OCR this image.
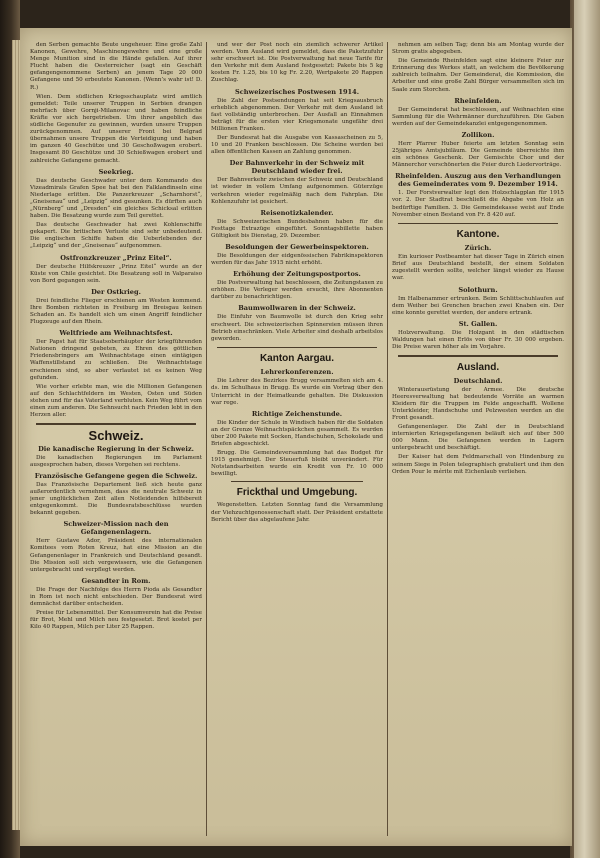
den Serben gemachte Beute ungeheuer. Eine große Zahl Kanonen, Gewehre, Maschinengewehre und eine große Menge Munition sind in die Hände gefallen. Auf ihrer Flucht haben die Oesterreicher (sagt ein Geschäft gefangengenommene Serben) an jenem Tage 20 000 Gefangene und 50 erbeutete Kanonen. (Wenn’s wahr ist! D. R.)

Wien. Dem südlichen Kriegsschauplatz wird amtlich gemeldet: Teile unserer Truppen in Serbien drangen mehrfach über Gornji-Milanovac und haben feindliche Kräfte vor sich hergetrieben. Um ihrer angeblich das südliche Gegenufer zu gewinnen, wurden unsere Truppen zurückgenommen. Auf unserer Front bei Belgrad übernahmen unsere Truppen die Verteidigung und haben im ganzen 40 Geschütze und 30 Geschoßwagen erobert. Insgesamt 80 Geschütze und 30 Schießwagen erobert und zahlreiche Gefangene gemacht.

Seekrieg.

Das deutsche Geschwader unter dem Kommando des Vizeadmirals Grafen Spee hat bei den Falklandinseln eine Niederlage erlitten. Die Panzerkreuzer „Scharnhorst“, „Gneisenau“ und „Leipzig“ sind gesunken. Es dürften auch „Nürnberg“ und „Dresden“ ein gleiches Schicksal erlitten haben. Die Besatzung wurde zum Teil gerettet.

Das deutsche Geschwader hat zwei Kohlenschiffe gekapert. Die britischen Verluste sind sehr unbedeutend. Die englischen Schiffe haben die Ueberlebenden der „Leipzig“ und der „Gneisenau“ aufgenommen.

Ostfronzkreuzer „Prinz Eitel“.

Der deutsche Hilfskreuzer „Prinz Eitel“ wurde an der Küste von Chile gesichtet. Die Besatzung soll in Valparaiso von Bord gegangen sein.

Der Ostkrieg.

Drei feindliche Flieger erschienen am Westen kommend. Ihre Bomben richteten in Freiburg im Breisgau keinen Schaden an. Es handelt sich um einen Angriff feindlicher Flugzeuge auf den Rhein.

Weltfriede am Weihnachtsfest.

Der Papst hat für Staatsoberhäupter der kriegführenden Nationen dringend gebeten, zu Ehren des göttlichen Friedensbringers am Weihnachtstage einen eintägigen Waffenstillstand zu schließen. Die Weihnachtstage erschienen sind, so aber verlautet ist es keinen Weg gefunden.

Wie vorher erlebte man, wie die Millionen Gefangenen auf den Schlachtfeldern im Westen, Osten und Süden stehen und für das Vaterland verbluten. Kein Weg führt vom einen zum anderen. Die Sehnsucht nach Frieden lebt in den Herzen aller.

Schweiz.
Die kanadische Regierung in der Schweiz.

Die kanadischen Regierungen im Parlament ausgesprochen haben, dieses Vorgehen sei rechtens.

Französische Gefangene gegen die Schweiz.

Das Französische Departement ließ sich heute ganz außerordentlich vernehmen, dass die neutrale Schweiz in jener unglücklichen Zeit allen Notleidenden hilfsbereit entgegenkommt. Die Bundesratsbeschlüsse wurden bekannt gegeben.

Schweizer-Mission nach den Gefangenenlagern.

Herr Gustave Ador, Präsident des internationalen Komitees vom Roten Kreuz, hat eine Mission an die Gefangenenlager in Frankreich und Deutschland gesandt. Die Mission soll sich vergewissern, wie die Gefangenen untergebracht und verpflegt werden.

Gesandter in Rom.

Die Frage der Nachfolge des Herrn Pioda als Gesandter in Rom ist noch nicht entschieden. Der Bundesrat wird demnächst darüber entscheiden.

Preise für Lebensmittel. Der Konsumverein hat die Preise für Brot, Mehl und Milch neu festgesetzt. Brot kostet per Kilo 40 Rappen, Milch per Liter 25 Rappen.

und wer der Post noch ein ziemlich schwerer Artikel werden. Vom Ausland wird gemeldet, dass die Paketzufuhr sehr erschwert ist. Die Postverwaltung hat neue Tarife für den Verkehr mit dem Ausland festgesetzt: Pakete bis 5 kg kosten Fr. 1.25, bis 10 kg Fr. 2.20, Wertpakete 20 Rappen Zuschlag.

Schweizerisches Postwesen 1914.

Die Zahl der Postsendungen hat seit Kriegsausbruch erheblich abgenommen. Der Verkehr mit dem Ausland ist fast vollständig unterbrochen. Der Ausfall an Einnahmen beträgt für die ersten vier Kriegsmonate ungefähr drei Millionen Franken.

Der Bundesrat hat die Ausgabe von Kassascheinen zu 5, 10 und 20 Franken beschlossen. Die Scheine werden bei allen öffentlichen Kassen an Zahlung genommen.

Der Bahnverkehr in der Schweiz mit Deutschland wieder frei.

Der Bahnverkehr zwischen der Schweiz und Deutschland ist wieder in vollem Umfang aufgenommen. Güterzüge verkehren wieder regelmäßig nach dem Fahrplan. Die Kohlenzufuhr ist gesichert.

Reisenotizkalender.

Die Schweizerischen Bundesbahnen haben für die Festtage Extrazüge eingeführt. Sonntagsbillette haben Gültigkeit bis Dienstag, 29. Dezember.

Besoldungen der Gewerbeinspektoren.

Die Besoldungen der eidgenössischen Fabrikinspektoren werden für das Jahr 1915 nicht erhöht.

Erhöhung der Zeitungspostportos.

Die Postverwaltung hat beschlossen, die Zeitungstaxen zu erhöhen. Die Verleger werden ersucht, ihre Abonnenten darüber zu benachrichtigen.

Baumwollwaren in der Schweiz.

Die Einfuhr von Baumwolle ist durch den Krieg sehr erschwert. Die schweizerischen Spinnereien müssen ihren Betrieb einschränken. Viele Arbeiter sind deshalb arbeitslos geworden.

Kanton Aargau.
Lehrerkonferenzen.

Die Lehrer des Bezirkes Brugg versammelten sich am 4. ds. im Schulhaus in Brugg. Es wurde ein Vortrag über den Unterricht in der Heimatkunde gehalten. Die Diskussion war rege.

Richtige Zeichenstunde.

Die Kinder der Schule in Windisch haben für die Soldaten an der Grenze Weihnachtspäckchen gesammelt. Es wurden über 200 Pakete mit Socken, Handschuhen, Schokolade und Briefen abgeschickt.

Brugg. Die Gemeindeversammlung hat das Budget für 1915 genehmigt. Der Steuerfuß bleibt unverändert. Für Notstandsarbeiten wurde ein Kredit von Fr. 10 000 bewilligt.

Frickthal und Umgebung.

Wegenstetten. Letzten Sonntag fand die Versammlung der Viehzuchtgenossenschaft statt. Der Präsident erstattete Bericht über das abgelaufene Jahr.

nehmen am selben Tag; denn bis am Montag wurde der Strom gratis abgegeben.

Die Gemeinde Rheinfelden sagt eine kleinere Feier zur Erinnerung des Werkes statt, an welchem die Bevölkerung zahlreich teilnahm. Der Gemeinderat, die Kommission, die Arbeiter und eine große Zahl Bürger versammelten sich im Saale zum Storchen.

Rheinfelden.

Der Gemeinderat hat beschlossen, auf Weihnachten eine Sammlung für die Wehrmänner durchzuführen. Die Gaben werden auf der Gemeindekanzlei entgegengenommen.

Zollikon.

Herr Pfarrer Huber feierte am letzten Sonntag sein 25jähriges Amtsjubiläum. Die Gemeinde überreichte ihm ein schönes Geschenk. Der Gemischte Chor und der Männerchor verschönerten die Feier durch Liedervorträge.

Rheinfelden. Auszug aus den Verhandlungen des Gemeinderates vom 9. Dezember 1914.

1. Der Forstverwalter legt den Holzschlagplan für 1915 vor. 2. Der Stadtrat beschließt die Abgabe von Holz an bedürftige Familien. 3. Die Gemeindekasse weist auf Ende November einen Bestand von Fr. 8 420 auf.

Kantone.
Zürich.

Ein kurioser Postbeamter hat dieser Tage in Zürich einen Brief aus Deutschland bestellt, der einem Soldaten zugestellt werden sollte, welcher längst wieder zu Hause war.

Solothurn.

Im Halbenammer ertrunken. Beim Schlittschuhlaufen auf dem Weiher bei Grenchen brachen zwei Knaben ein. Der eine konnte gerettet werden, der andere ertrank.

St. Gallen.

Holzverwaltung. Die Holzgant in den städtischen Waldungen hat einen Erlös von über Fr. 30 000 ergeben. Die Preise waren höher als im Vorjahre.

Ausland.
Deutschland.

Winterausrüstung der Armee. Die deutsche Heeresverwaltung hat bedeutende Vorräte an warmen Kleidern für die Truppen im Felde angeschafft. Wollene Unterkleider, Handschuhe und Pelzwesten werden an die Front gesandt.

Gefangenenlager. Die Zahl der in Deutschland internierten Kriegsgefangenen beläuft sich auf über 500 000 Mann. Die Gefangenen werden in Lagern untergebracht und beschäftigt.

Der Kaiser hat dem Feldmarschall von Hindenburg zu seinem Siege in Polen telegraphisch gratuliert und ihm den Orden Pour le mérite mit Eichenlaub verliehen.
